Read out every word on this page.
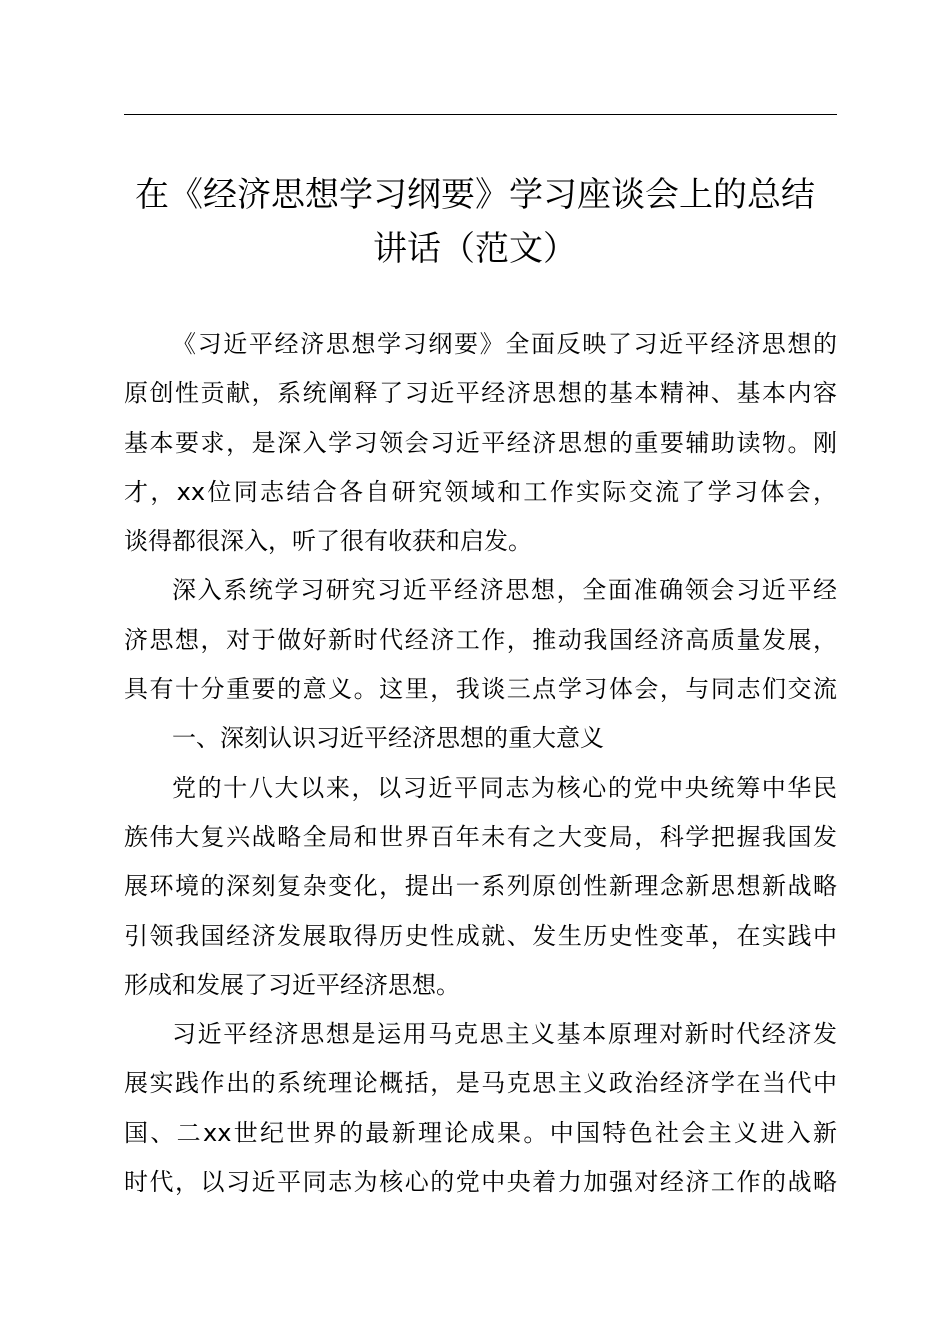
在《经济思想学习纲要》学习座谈会上的总结
讲话（范文）
《习近平经济思想学习纲要》全面反映了习近平经济思想的
原创性贡献，系统阐释了习近平经济思想的基本精神、基本内容
基本要求，是深入学习领会习近平经济思想的重要辅助读物。刚
才，xx位同志结合各自研究领域和工作实际交流了学习体会，
谈得都很深入，听了很有收获和启发。
深入系统学习研究习近平经济思想，全面准确领会习近平经
济思想，对于做好新时代经济工作，推动我国经济高质量发展，
具有十分重要的意义。这里，我谈三点学习体会，与同志们交流
一、深刻认识习近平经济思想的重大意义
党的十八大以来，以习近平同志为核心的党中央统筹中华民
族伟大复兴战略全局和世界百年未有之大变局，科学把握我国发
展环境的深刻复杂变化，提出一系列原创性新理念新思想新战略
引领我国经济发展取得历史性成就、发生历史性变革，在实践中
形成和发展了习近平经济思想。
习近平经济思想是运用马克思主义基本原理对新时代经济发
展实践作出的系统理论概括，是马克思主义政治经济学在当代中
国、二xx世纪世界的最新理论成果。中国特色社会主义进入新
时代，以习近平同志为核心的党中央着力加强对经济工作的战略
